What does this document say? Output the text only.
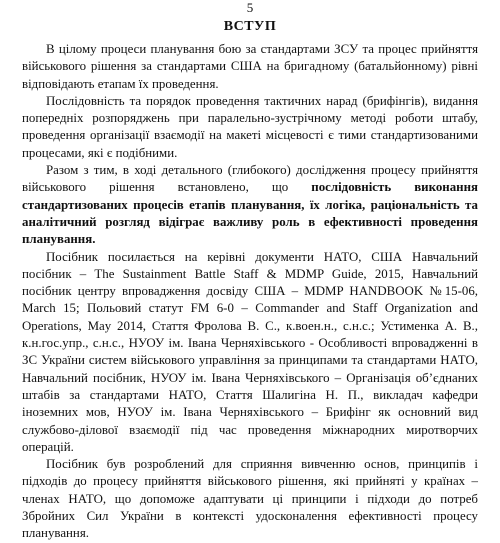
5
ВСТУП

В цілому процеси планування бою за стандартами ЗСУ та процес прийняття військового рішення за стандартами США на бригадному (батальйонному) рівні відповідають етапам їх проведення.

Послідовність та порядок проведення тактичних нарад (брифінгів), видання попередніх розпоряджень при паралельно-зустрічному методі роботи штабу, проведення організації взаємодії на макеті місцевості є тими стандартизованими процесами, які є подібними.

Разом з тим, в ході детального (глибокого) дослідження процесу прийняття військового рішення встановлено, що послідовність виконання стандартизованих процесів етапів планування, їх логіка, раціональність та аналітичний розгляд відіграє важливу роль в ефективності проведення планування.

Посібник посилається на керівні документи НАТО, США Навчальний посібник – The Sustainment Battle Staff & MDMP Guide, 2015, Навчальний посібник центру впровадження досвіду США – MDMP HANDBOOK №15-06, March 15; Польовий статут FM 6-0 – Commander and Staff Organization and Operations, May 2014, Стаття Фролова В. С., к.воен.н., с.н.с.; Устименка А. В., к.н.гос.упр., с.н.с., НУОУ ім. Івана Черняхівського - Особливості впровадженні в ЗС України систем військового управління за принципами та стандартами НАТО, Навчальний посібник, НУОУ ім. Івана Черняхівського – Організація об’єднаних штабів за стандартами НАТО, Стаття Шалигіна Н. П., викладач кафедри іноземних мов, НУОУ ім. Івана Черняхівського – Брифінг як основний вид службово-ділової взаємодії під час проведення міжнародних миротворчих операцій.

Посібник був розроблений для сприяння вивченню основ, принципів і підходів до процесу прийняття військового рішення, які прийняті у країнах – членах НАТО, що допоможе адаптувати ці принципи і підходи до потреб Збройних Сил України в контексті удосконалення ефективності процесу планування.
